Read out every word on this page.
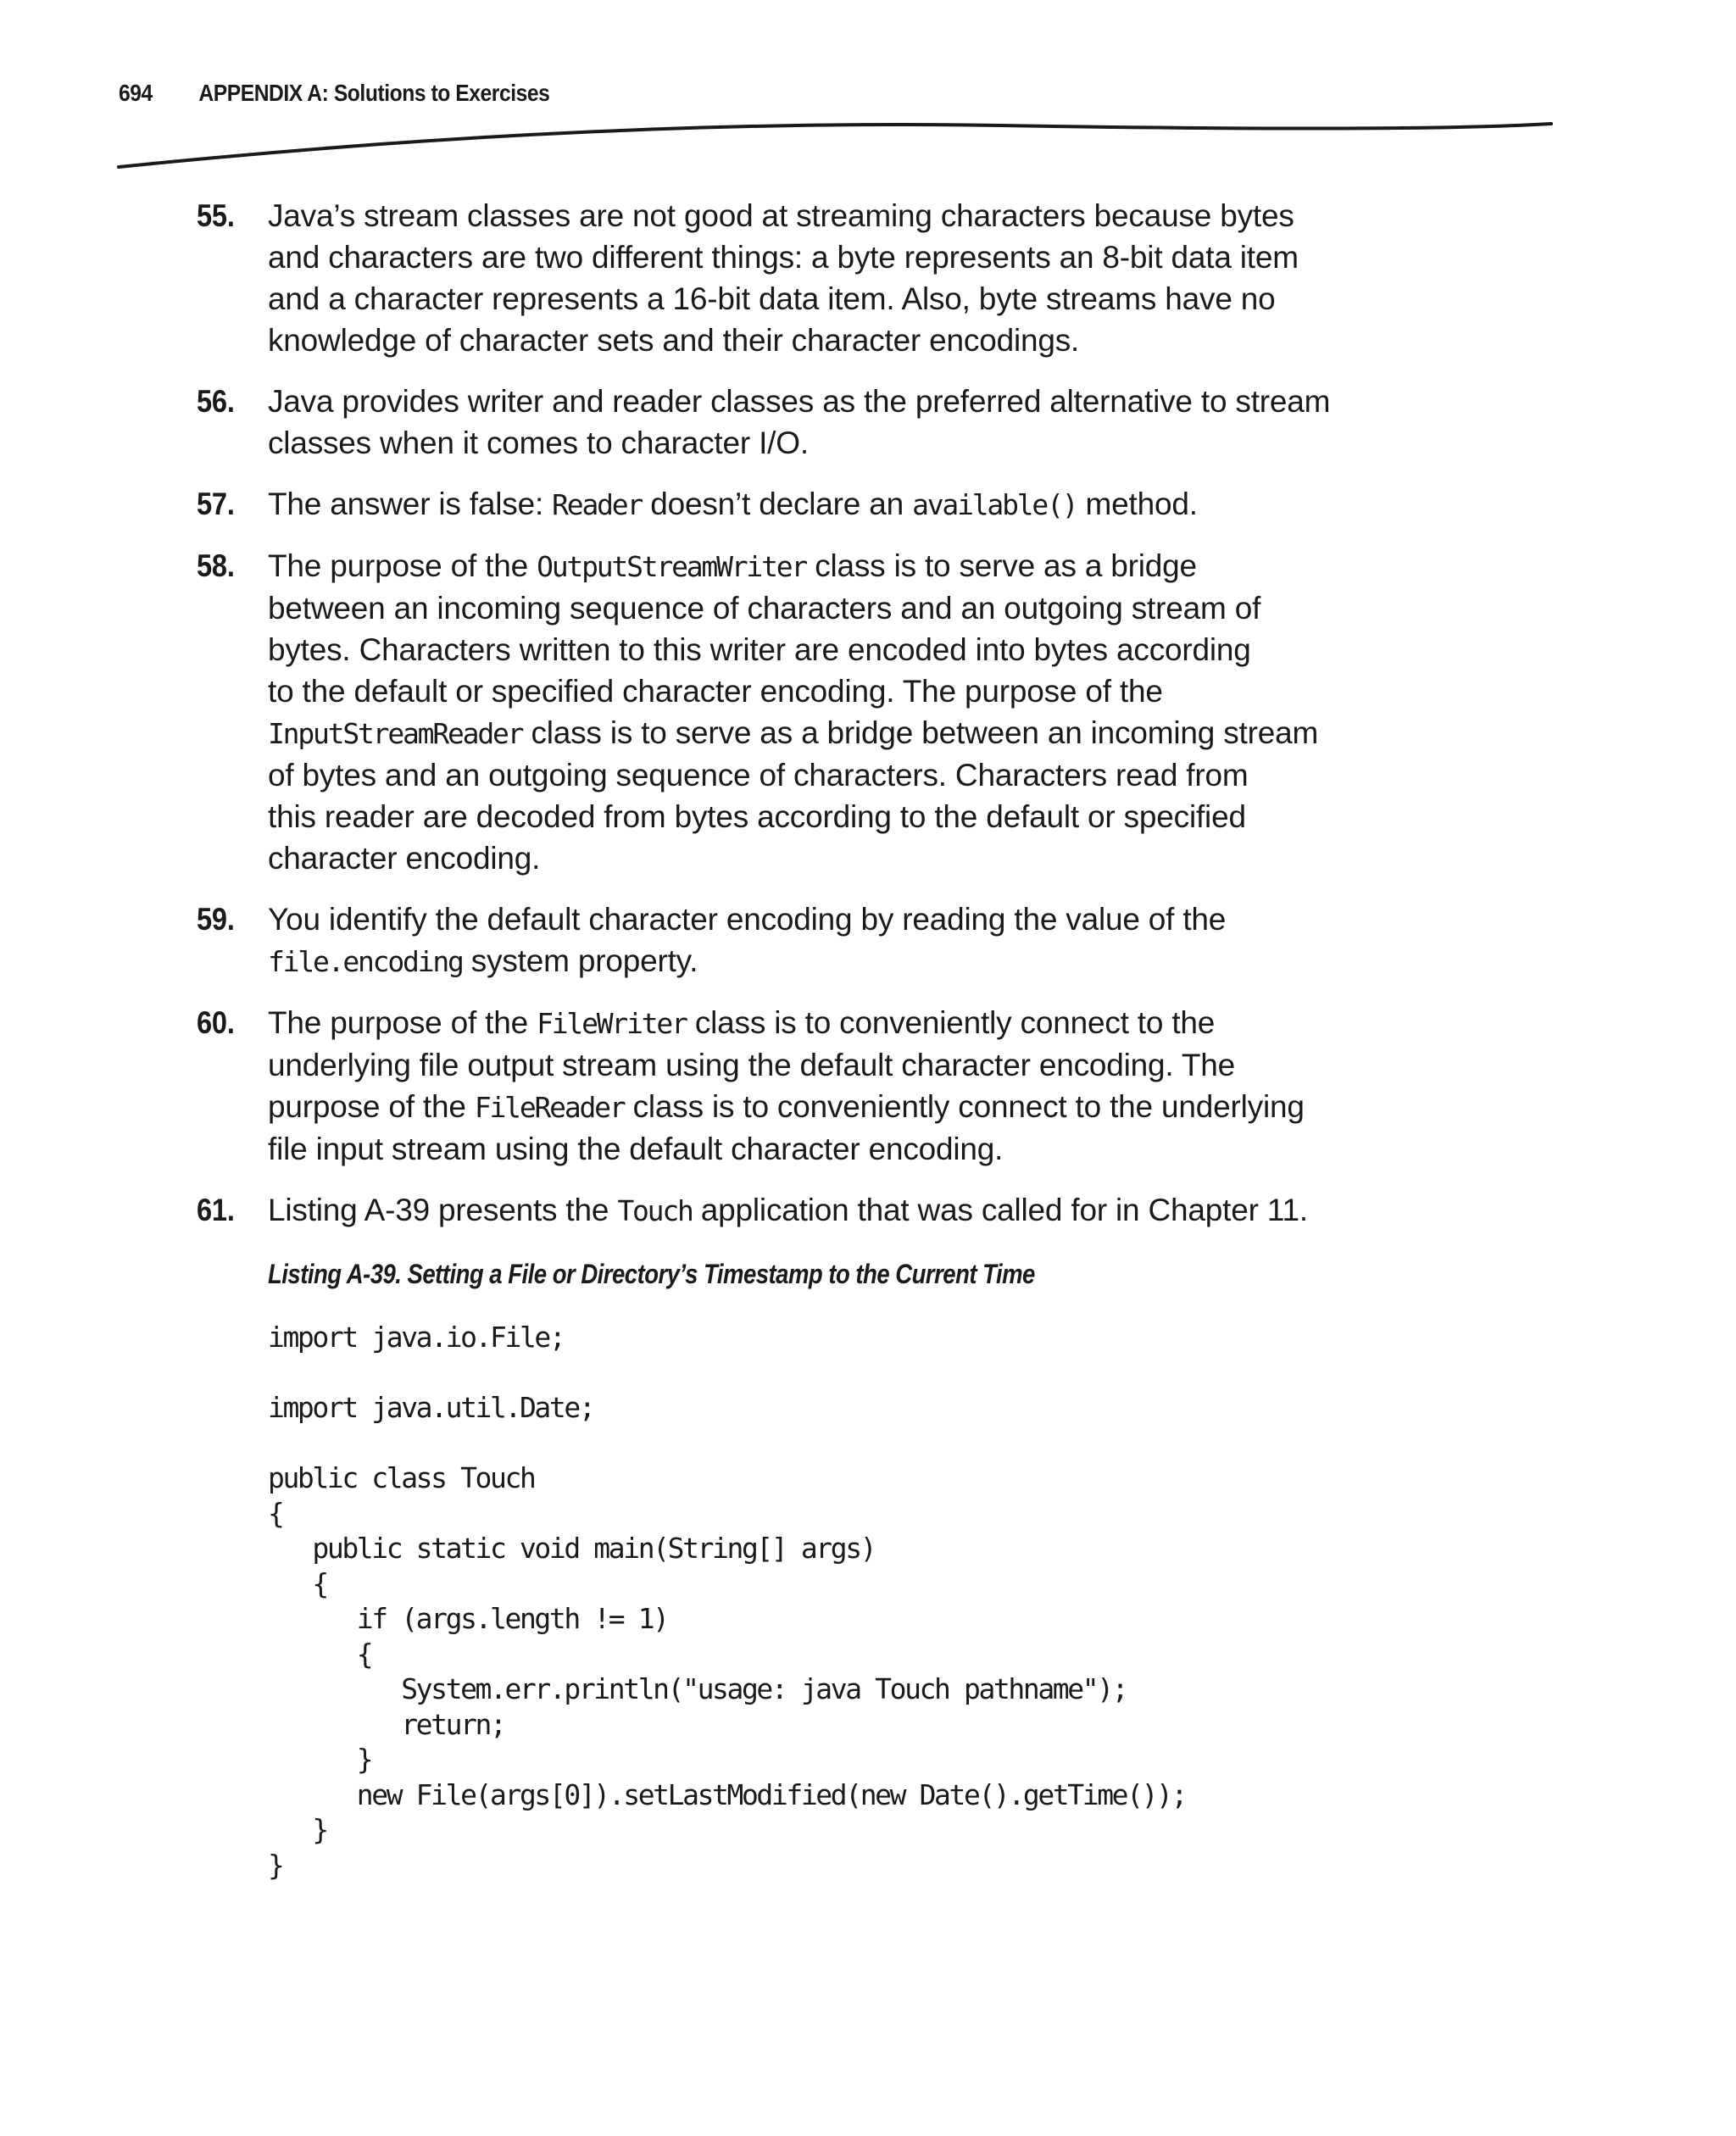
694 APPENDIX A: Solutions to Exercises
55. Java’s stream classes are not good at streaming characters because bytes
and characters are two different things: a byte represents an 8-bit data item
and a character represents a 16-bit data item. Also, byte streams have no
knowledge of character sets and their character encodings.
56. Java provides writer and reader classes as the preferred alternative to stream
classes when it comes to character I/O.
57. The answer is false: Reader doesn’t declare an available() method.
58. The purpose of the OutputStreamWriter class is to serve as a bridge
between an incoming sequence of characters and an outgoing stream of
bytes. Characters written to this writer are encoded into bytes according
to the default or specified character encoding. The purpose of the
InputStreamReader class is to serve as a bridge between an incoming stream
of bytes and an outgoing sequence of characters. Characters read from
this reader are decoded from bytes according to the default or specified
character encoding.
59. You identify the default character encoding by reading the value of the
file.encoding system property.
60. The purpose of the FileWriter class is to conveniently connect to the
underlying file output stream using the default character encoding. The
purpose of the FileReader class is to conveniently connect to the underlying
file input stream using the default character encoding.
61. Listing A-39 presents the Touch application that was called for in Chapter 11.
Listing A-39. Setting a File or Directory’s Timestamp to the Current Time
import java.io.File;
import java.util.Date;
public class Touch
{
public static void main(String[] args)
{
if (args.length != 1)
{
System.err.println("usage: java Touch pathname");
return;
}
new File(args[0]).setLastModified(new Date().getTime());
}
}
